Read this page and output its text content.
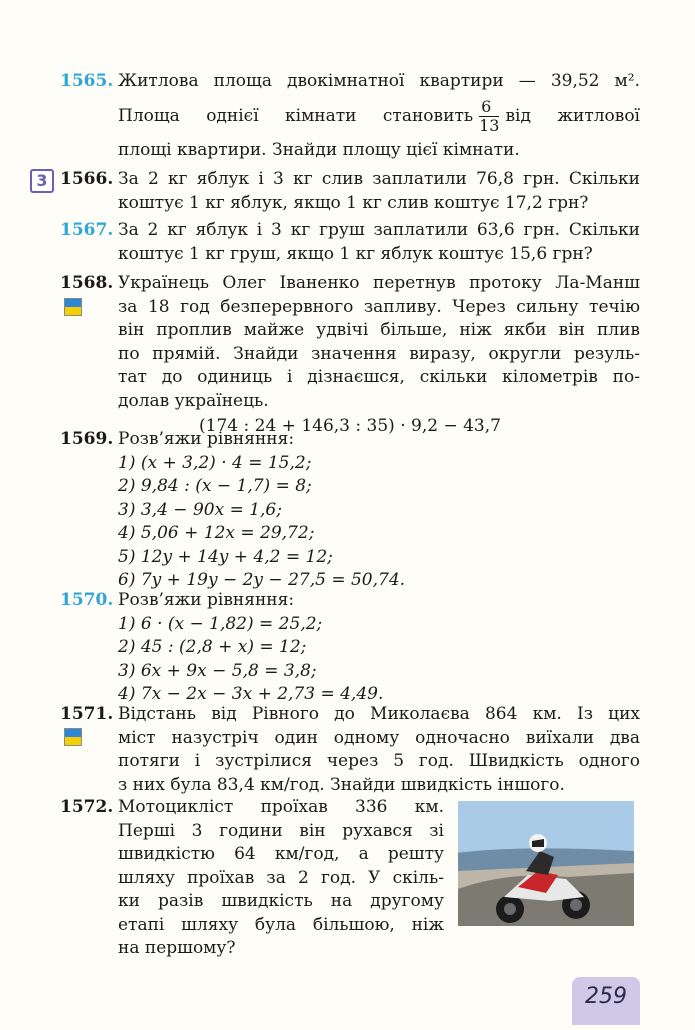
1565. Житлова площа двокімнатної квартири — 39,52 м².
Площа однієї кімнати становить $\frac{6}{13}$ від житлової
площі квартири. Знайди площу цієї кімнати.
3 1566. За 2 кг яблук і 3 кг слив заплатили 76,8 грн. Скільки
коштує 1 кг яблук, якщо 1 кг слив коштує 17,2 грн?
1567. За 2 кг яблук і 3 кг груш заплатили 63,6 грн. Скільки
коштує 1 кг груш, якщо 1 кг яблук коштує 15,6 грн?
1568. Українець Олег Іваненко перетнув протоку Ла-Манш
за 18 год безперервного запливу. Через сильну течію
він проплив майже удвічі більше, ніж якби він плив
по прямій. Знайди значення виразу, округли резуль-
тат до одиниць і дізнаєшся, скільки кілометрів по-
долав українець.
(174 : 24 + 146,3 : 35) · 9,2 − 43,7
1569. Розв’яжи рівняння:
1) (x + 3,2) · 4 = 15,2;
2) 9,84 : (x − 1,7) = 8;
3) 3,4 − 90x = 1,6;
4) 5,06 + 12x = 29,72;
5) 12y + 14y + 4,2 = 12;
6) 7y + 19y − 2y − 27,5 = 50,74.
1570. Розв’яжи рівняння:
1) 6 · (x − 1,82) = 25,2;
2) 45 : (2,8 + x) = 12;
3) 6x + 9x − 5,8 = 3,8;
4) 7x − 2x − 3x + 2,73 = 4,49.
1571. Відстань від Рівного до Миколаєва 864 км. Із цих
міст назустріч один одному одночасно виїхали два
потяги і зустрілися через 5 год. Швидкість одного
з них була 83,4 км/год. Знайди швидкість іншого.
1572. Мотоцикліст проїхав 336 км.
Перші 3 години він рухався зі
швидкістю 64 км/год, а решту
шляху проїхав за 2 год. У скіль-
ки разів швидкість на другому
етапі шляху була більшою, ніж
на першому?
259
